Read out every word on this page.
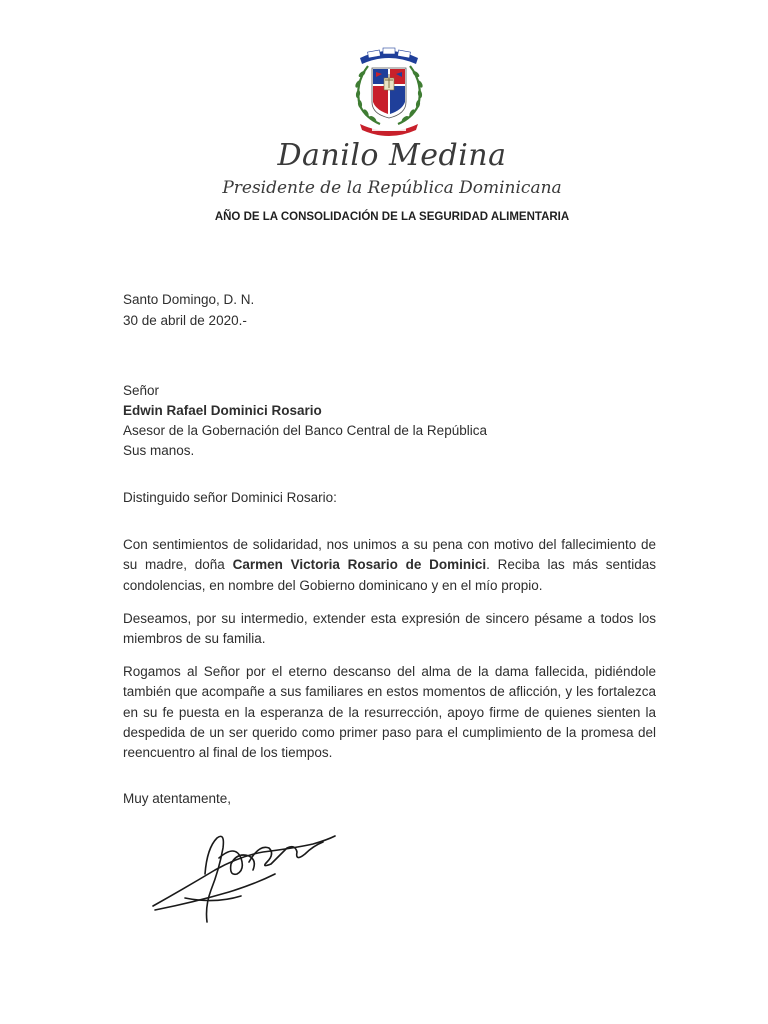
Danilo Medina
Presidente de la República Dominicana
AÑO DE LA CONSOLIDACIÓN DE LA SEGURIDAD ALIMENTARIA
Santo Domingo, D. N.
30 de abril de 2020.-
Señor
Edwin Rafael Dominici Rosario
Asesor de la Gobernación del Banco Central de la República
Sus manos.
Distinguido señor Dominici Rosario:
Con sentimientos de solidaridad, nos unimos a su pena con motivo del fallecimiento de su madre, doña Carmen Victoria Rosario de Dominici. Reciba las más sentidas condolencias, en nombre del Gobierno dominicano y en el mío propio.
Deseamos, por su intermedio, extender esta expresión de sincero pésame a todos los miembros de su familia.
Rogamos al Señor por el eterno descanso del alma de la dama fallecida, pidiéndole también que acompañe a sus familiares en estos momentos de aflicción, y les fortalezca en su fe puesta en la esperanza de la resurrección, apoyo firme de quienes sienten la despedida de un ser querido como primer paso para el cumplimiento de la promesa del reencuentro al final de los tiempos.
Muy atentamente,
